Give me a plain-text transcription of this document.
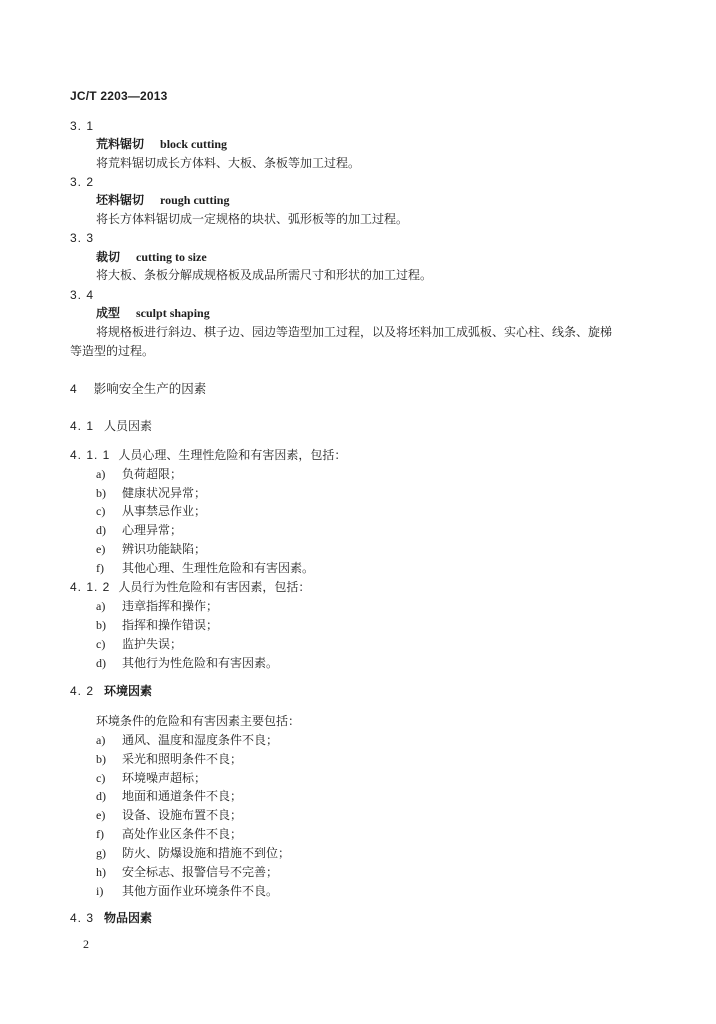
JC/T 2203—2013
3. 1
荒料锯切 block cutting
将荒料锯切成长方体料、大板、条板等加工过程。
3. 2
坯料锯切 rough cutting
将长方体料锯切成一定规格的块状、弧形板等的加工过程。
3. 3
裁切 cutting to size
将大板、条板分解成规格板及成品所需尺寸和形状的加工过程。
3. 4
成型 sculpt shaping
将规格板进行斜边、棋子边、园边等造型加工过程，以及将坯料加工成弧板、实心柱、线条、旋梯
等造型的过程。
4 影响安全生产的因素
4. 1 人员因素
4. 1. 1 人员心理、生理性危险和有害因素，包括：
a) 负荷超限；
b) 健康状况异常；
c) 从事禁忌作业；
d) 心理异常；
e) 辨识功能缺陷；
f) 其他心理、生理性危险和有害因素。
4. 1. 2 人员行为性危险和有害因素，包括：
a) 违章指挥和操作；
b) 指挥和操作错误；
c) 监护失误；
d) 其他行为性危险和有害因素。
4. 2 环境因素
环境条件的危险和有害因素主要包括：
a) 通风、温度和湿度条件不良；
b) 采光和照明条件不良；
c) 环境噪声超标；
d) 地面和通道条件不良；
e) 设备、设施布置不良；
f) 高处作业区条件不良；
g) 防火、防爆设施和措施不到位；
h) 安全标志、报警信号不完善；
i) 其他方面作业环境条件不良。
4. 3 物品因素
2
